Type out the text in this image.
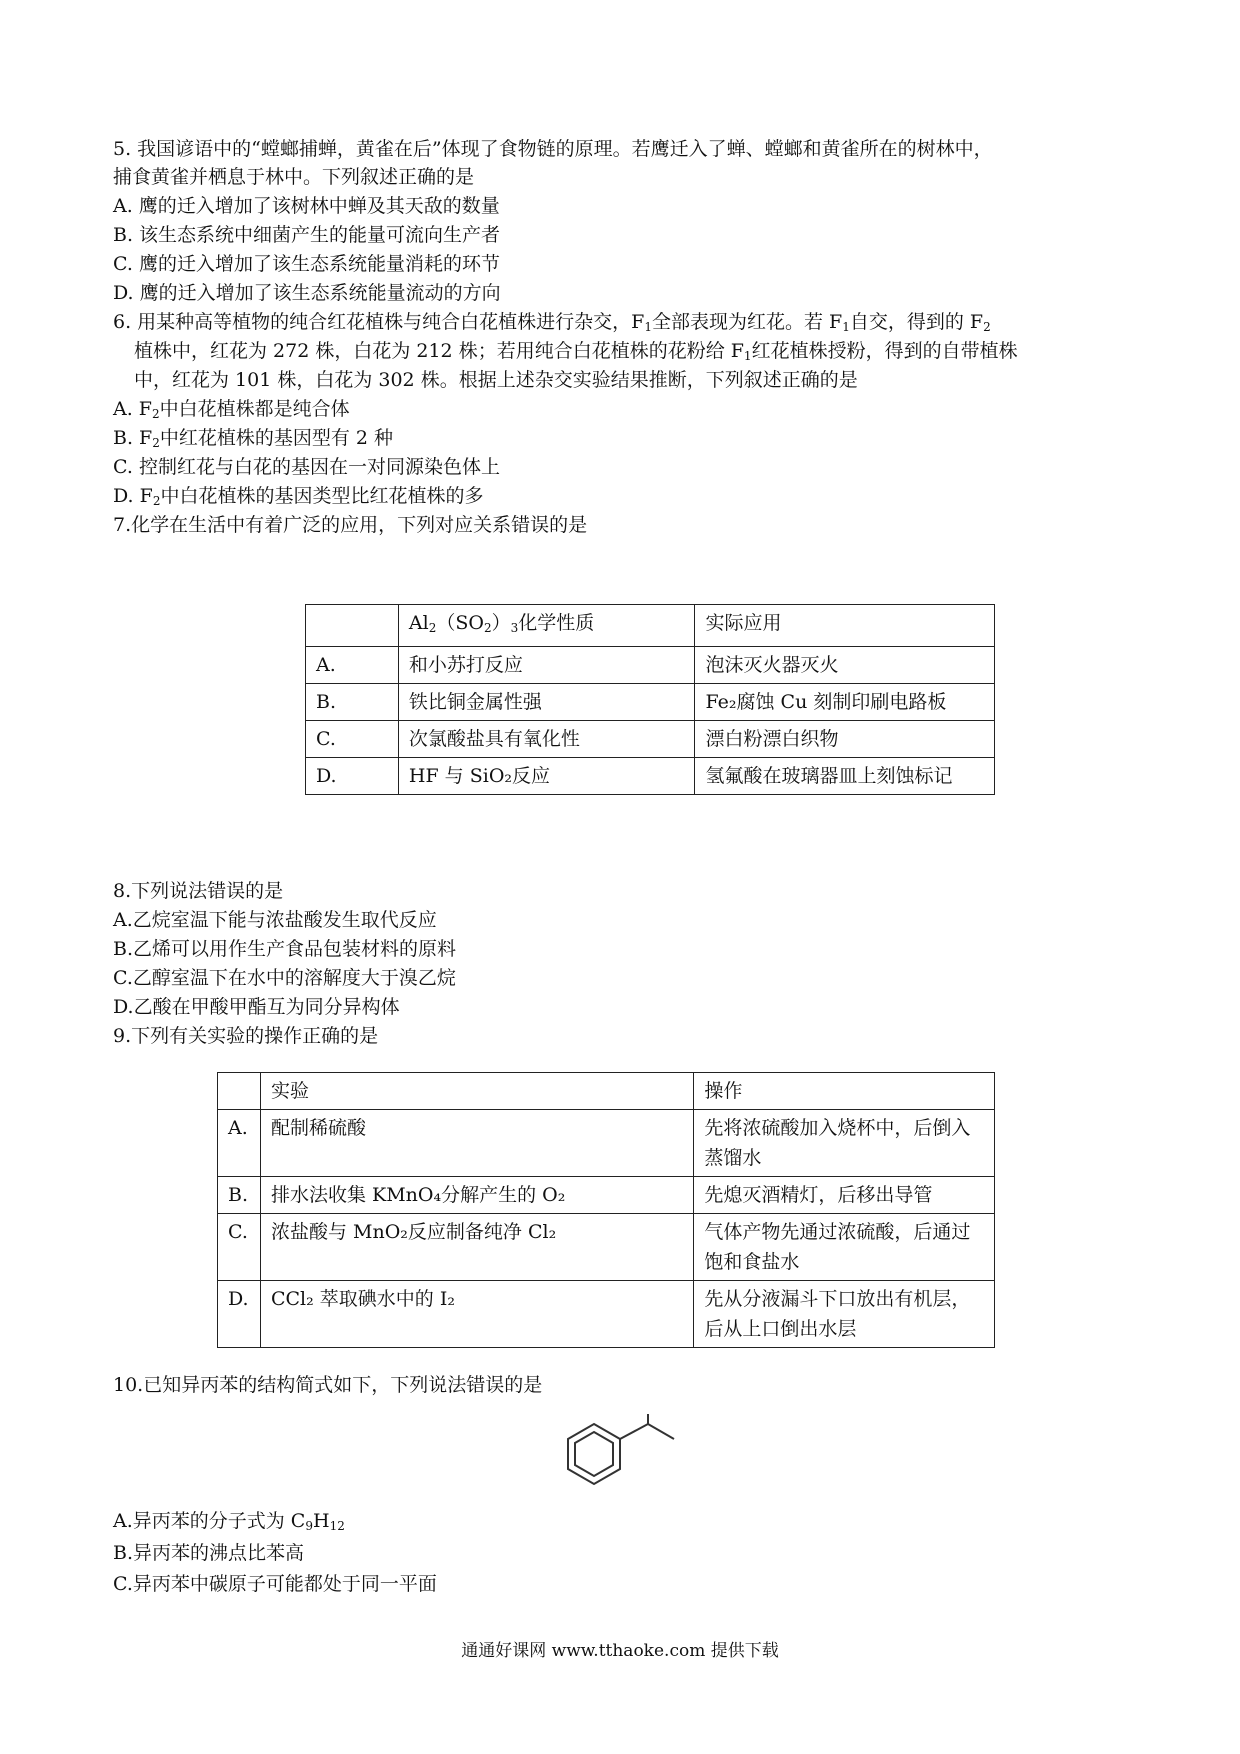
5. 我国谚语中的“螳螂捕蝉，黄雀在后”体现了食物链的原理。若鹰迁入了蝉、螳螂和黄雀所在的树林中，
捕食黄雀并栖息于林中。下列叙述正确的是
A. 鹰的迁入增加了该树林中蝉及其天敌的数量
B. 该生态系统中细菌产生的能量可流向生产者
C. 鹰的迁入增加了该生态系统能量消耗的环节
D. 鹰的迁入增加了该生态系统能量流动的方向
6. 用某种高等植物的纯合红花植株与纯合白花植株进行杂交，$F_1$全部表现为红花。若 $F_1$自交，得到的 $F_2$
植株中，红花为 272 株，白花为 212 株；若用纯合白花植株的花粉给 $F_1$红花植株授粉，得到的自带植株
中，红花为 101 株，白花为 302 株。根据上述杂交实验结果推断，下列叙述正确的是
A. $F_2$中白花植株都是纯合体
B. $F_2$中红花植株的基因型有 2 种
C. 控制红花与白花的基因在一对同源染色体上
D. $F_2$中白花植株的基因类型比红花植株的多
7.化学在生活中有着广泛的应用，下列对应关系错误的是
	$Al_2(SO_2)_3$化学性质	实际应用
A.	和小苏打反应	泡沫灭火器灭火
B.	铁比铜金属性强	Fe₂腐蚀 Cu 刻制印刷电路板
C.	次氯酸盐具有氧化性	漂白粉漂白织物
D.	HF 与 SiO₂反应	氢氟酸在玻璃器皿上刻蚀标记
8.下列说法错误的是
A.乙烷室温下能与浓盐酸发生取代反应
B.乙烯可以用作生产食品包装材料的原料
C.乙醇室温下在水中的溶解度大于溴乙烷
D.乙酸在甲酸甲酯互为同分异构体
9.下列有关实验的操作正确的是
	实验	操作
A.	配制稀硫酸	先将浓硫酸加入烧杯中，后倒入蒸馏水
B.	排水法收集 KMnO₄分解产生的 O₂	先熄灭酒精灯，后移出导管
C.	浓盐酸与 MnO₂反应制备纯净 Cl₂	气体产物先通过浓硫酸，后通过饱和食盐水
D.	CCl₂ 萃取碘水中的 I₂	先从分液漏斗下口放出有机层，后从上口倒出水层
10.已知异丙苯的结构简式如下，下列说法错误的是
A.异丙苯的分子式为 $C_9H_{12}$
B.异丙苯的沸点比苯高
C.异丙苯中碳原子可能都处于同一平面
通通好课网 www.tthaoke.com 提供下载
